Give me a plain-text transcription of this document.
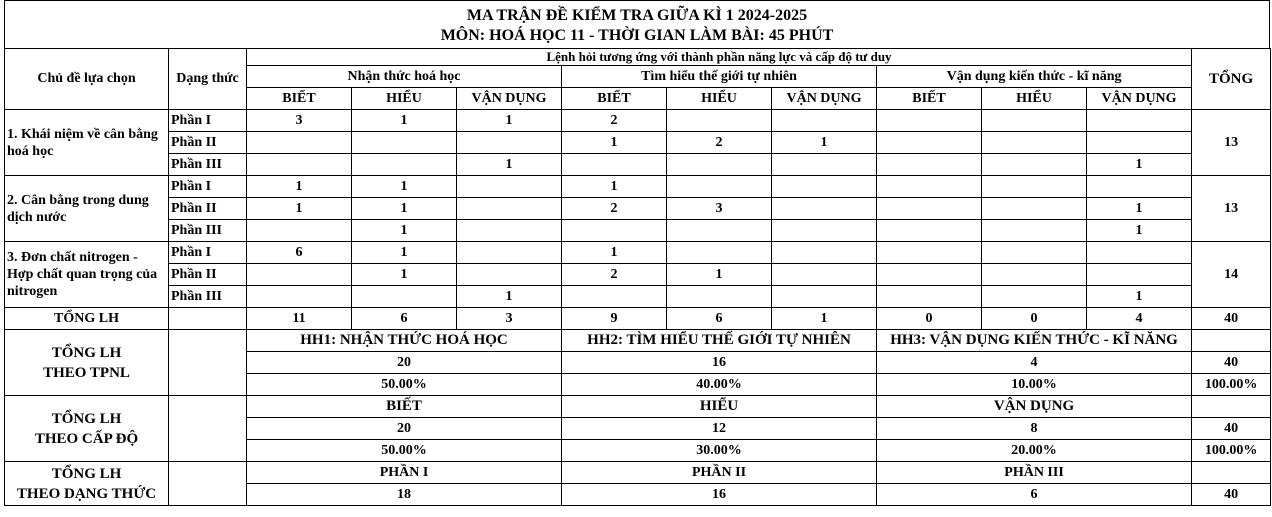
MA TRẬN ĐỀ KIỂM TRA GIỮA KÌ 1 2024-2025
MÔN: HOÁ HỌC 11 - THỜI GIAN LÀM BÀI: 45 PHÚT
Chủ đề lựa chọn	Dạng thức	Lệnh hỏi tương ứng với thành phần năng lực và cấp độ tư duy									TỔNG
		Nhận thức hoá học			Tìm hiểu thế giới tự nhiên			Vận dụng kiến thức - kĩ năng			
		BIẾT	HIỂU	VẬN DỤNG	BIẾT	HIỂU	VẬN DỤNG	BIẾT	HIỂU	VẬN DỤNG	
1. Khái niệm về cân bằng hoá học	Phần I	3	1	1	2						13
	Phần II				1	2	1				
	Phần III			1						1	
2. Cân bằng trong dung dịch nước	Phần I	1	1		1						13
	Phần II	1	1		2	3				1	
	Phần III		1							1	
3. Đơn chất nitrogen - Hợp chất quan trọng của nitrogen	Phần I	6	1		1						14
	Phần II		1		2	1					
	Phần III			1						1	
TỔNG LH		11	6	3	9	6	1	0	0	4	40

TỔNG LH
THEO TPNL		HH1: NHẬN THỨC HOÁ HỌC			HH2: TÌM HIỂU THẾ GIỚI TỰ NHIÊN			HH3: VẬN DỤNG KIẾN THỨC - KĨ NĂNG			
		20			16			4			40
		50.00%			40.00%			10.00%			100.00%

TỔNG LH
THEO CẤP ĐỘ		BIẾT			HIỂU			VẬN DỤNG			
		20			12			8			40
		50.00%			30.00%			20.00%			100.00%

TỔNG LH
THEO DẠNG THỨC		PHẦN I			PHẦN II			PHẦN III			
		18			16			6			40
